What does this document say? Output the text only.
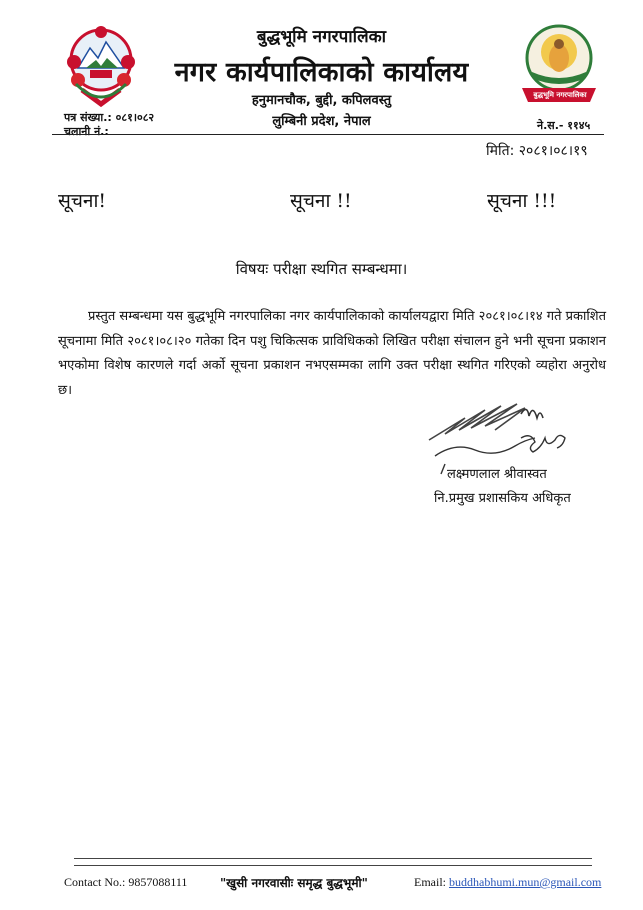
बुद्धभूमि नगरपालिका
बुद्धभूमि नगरपालिका
नगर कार्यपालिकाको कार्यालय
हनुमानचौक, बुद्दी, कपिलवस्तु
लुम्बिनी प्रदेश, नेपाल
पत्र संख्या.: ०८१।०८२
चलानी नं.:	ने.स.- ११४५
मिति: २०८१।०८।१९
सूचना!	सूचना !!	सूचना !!!
विषयः परीक्षा स्थगित सम्बन्धमा।
प्रस्तुत सम्बन्धमा यस बुद्धभूमि नगरपालिका नगर कार्यपालिकाको कार्यालयद्वारा मिति २०८१।०८।१४ गते प्रकाशित सूचनामा मिति २०८१।०८।२० गतेका दिन पशु चिकित्सक प्राविधिकको लिखित परीक्षा संचालन हुने भनी सूचना प्रकाशन भएकोमा विशेष कारणले गर्दा अर्को सूचना प्रकाशन नभएसम्मका लागि उक्त परीक्षा स्थगित गरिएको व्यहोरा अनुरोध छ।
लक्ष्मणलाल श्रीवास्वत
नि.प्रमुख प्रशासकिय अधिकृत
Contact No.: 9857088111	"खुसी नगरवासीः समृद्ध बुद्धभूमी"	Email: buddhabhumi.mun@gmail.com
